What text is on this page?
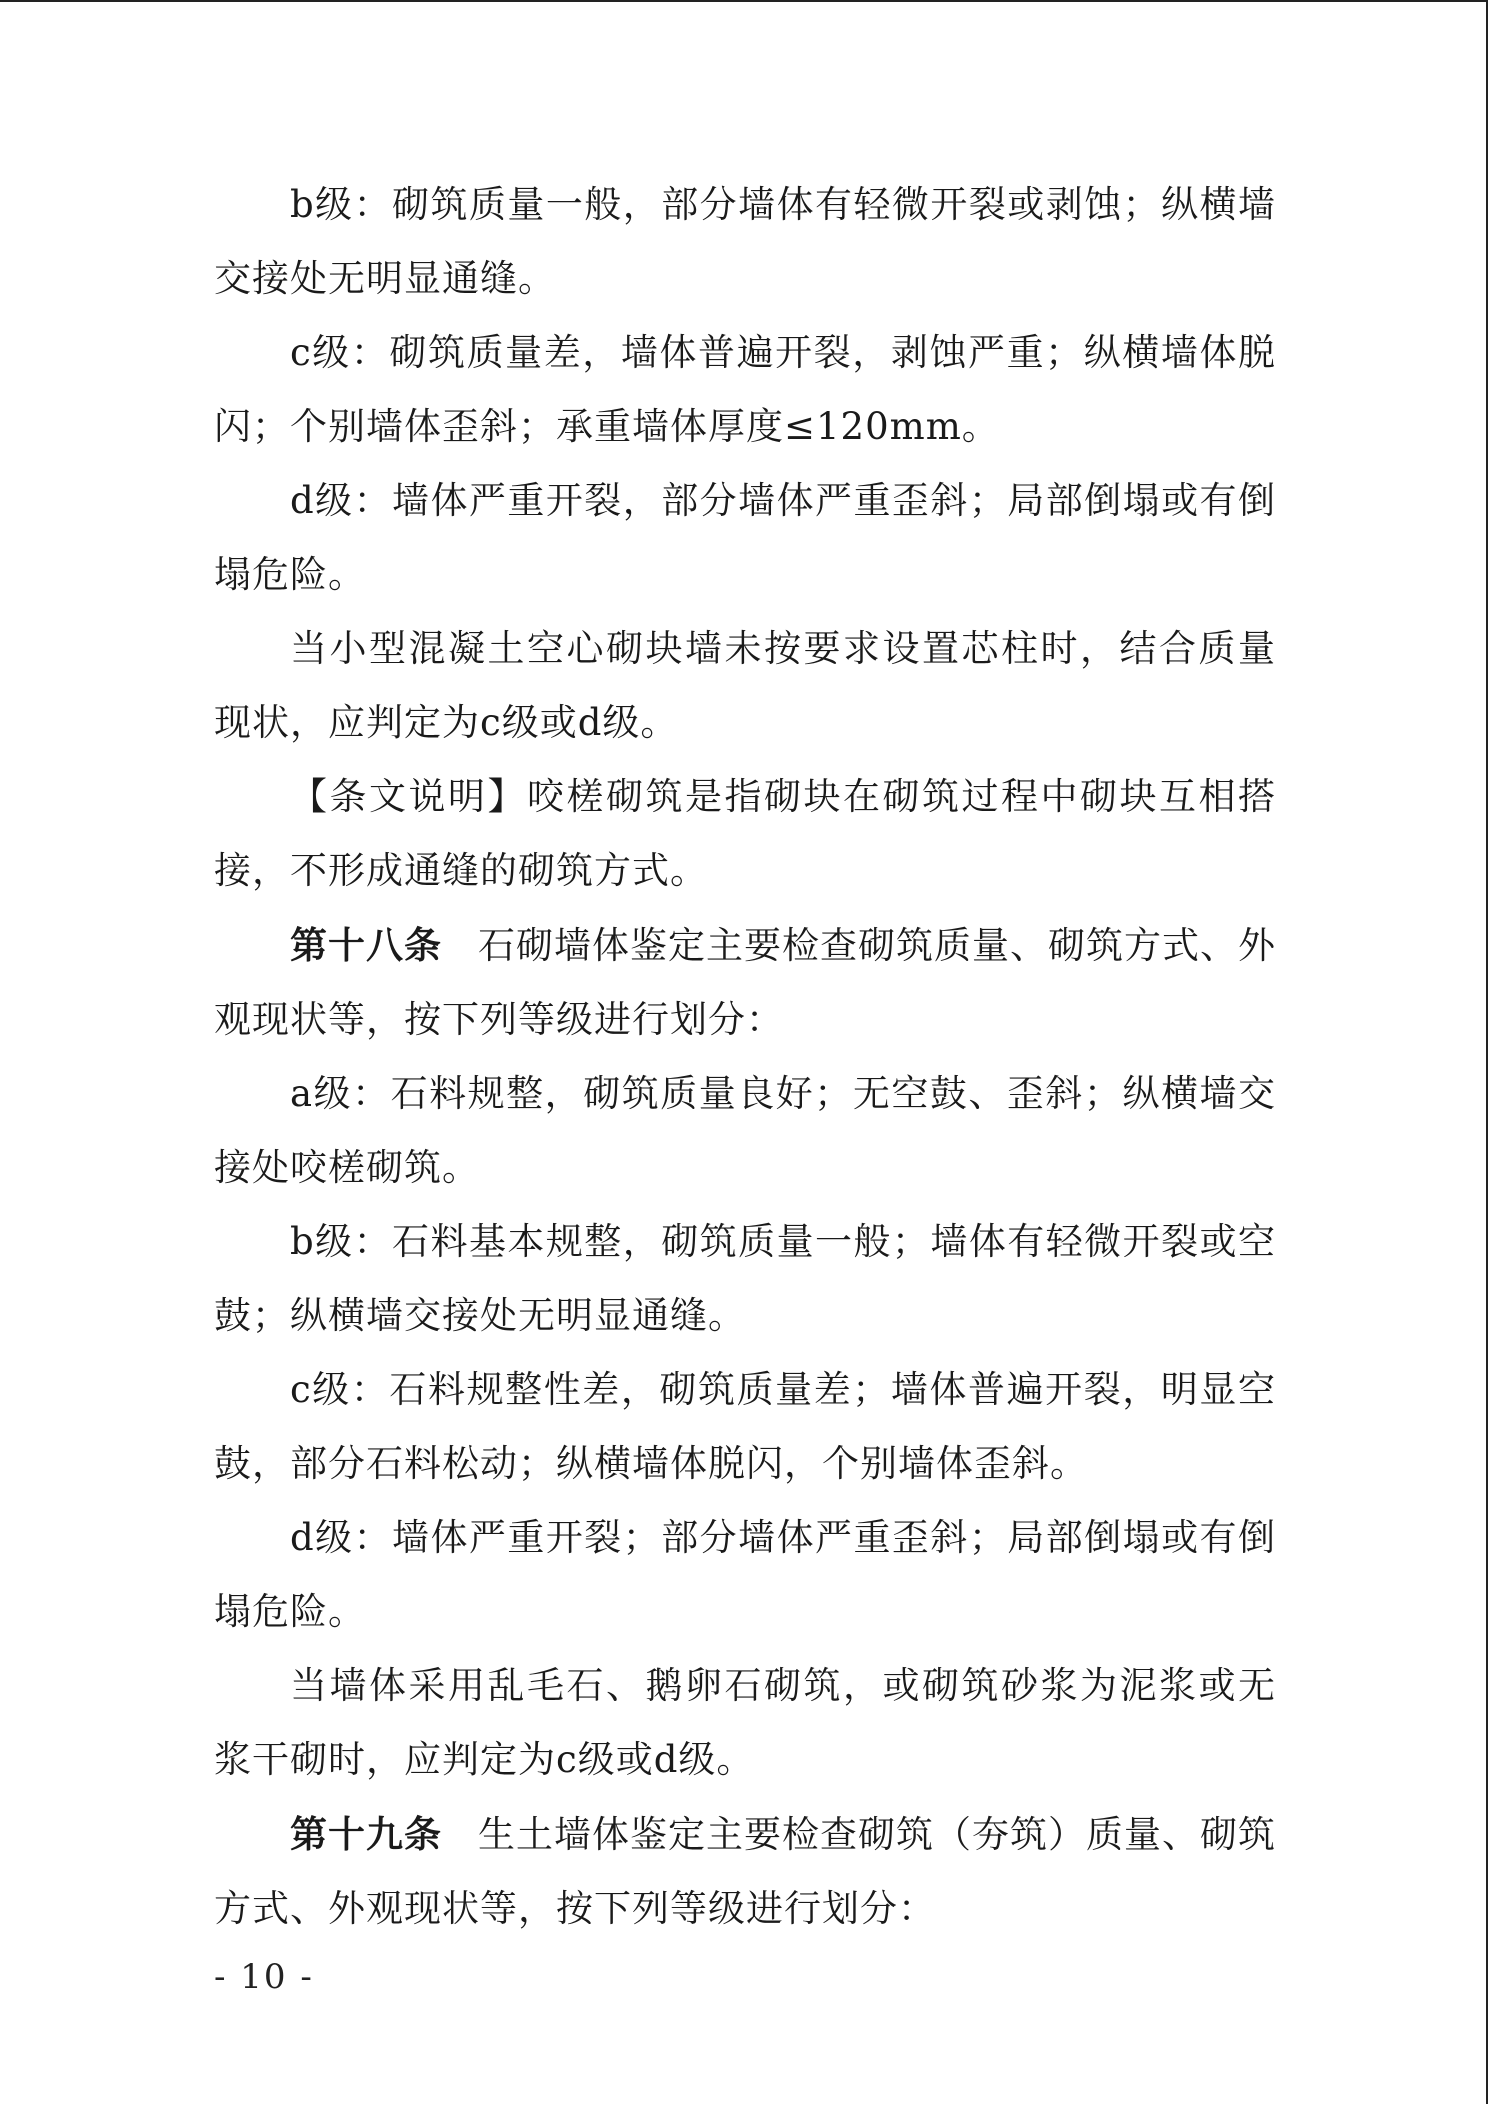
b级：砌筑质量一般，部分墙体有轻微开裂或剥蚀；纵横墙交接处无明显通缝。

c级：砌筑质量差，墙体普遍开裂，剥蚀严重；纵横墙体脱闪；个别墙体歪斜；承重墙体厚度≤120mm。

d级：墙体严重开裂，部分墙体严重歪斜；局部倒塌或有倒塌危险。

当小型混凝土空心砌块墙未按要求设置芯柱时，结合质量现状，应判定为c级或d级。

【条文说明】咬槎砌筑是指砌块在砌筑过程中砌块互相搭接，不形成通缝的砌筑方式。

第十八条 石砌墙体鉴定主要检查砌筑质量、砌筑方式、外观现状等，按下列等级进行划分：

a级：石料规整，砌筑质量良好；无空鼓、歪斜；纵横墙交接处咬槎砌筑。

b级：石料基本规整，砌筑质量一般；墙体有轻微开裂或空鼓；纵横墙交接处无明显通缝。

c级：石料规整性差，砌筑质量差；墙体普遍开裂，明显空鼓，部分石料松动；纵横墙体脱闪，个别墙体歪斜。

d级：墙体严重开裂；部分墙体严重歪斜；局部倒塌或有倒塌危险。

当墙体采用乱毛石、鹅卵石砌筑，或砌筑砂浆为泥浆或无浆干砌时，应判定为c级或d级。

第十九条 生土墙体鉴定主要检查砌筑（夯筑）质量、砌筑方式、外观现状等，按下列等级进行划分：

- 10 -
